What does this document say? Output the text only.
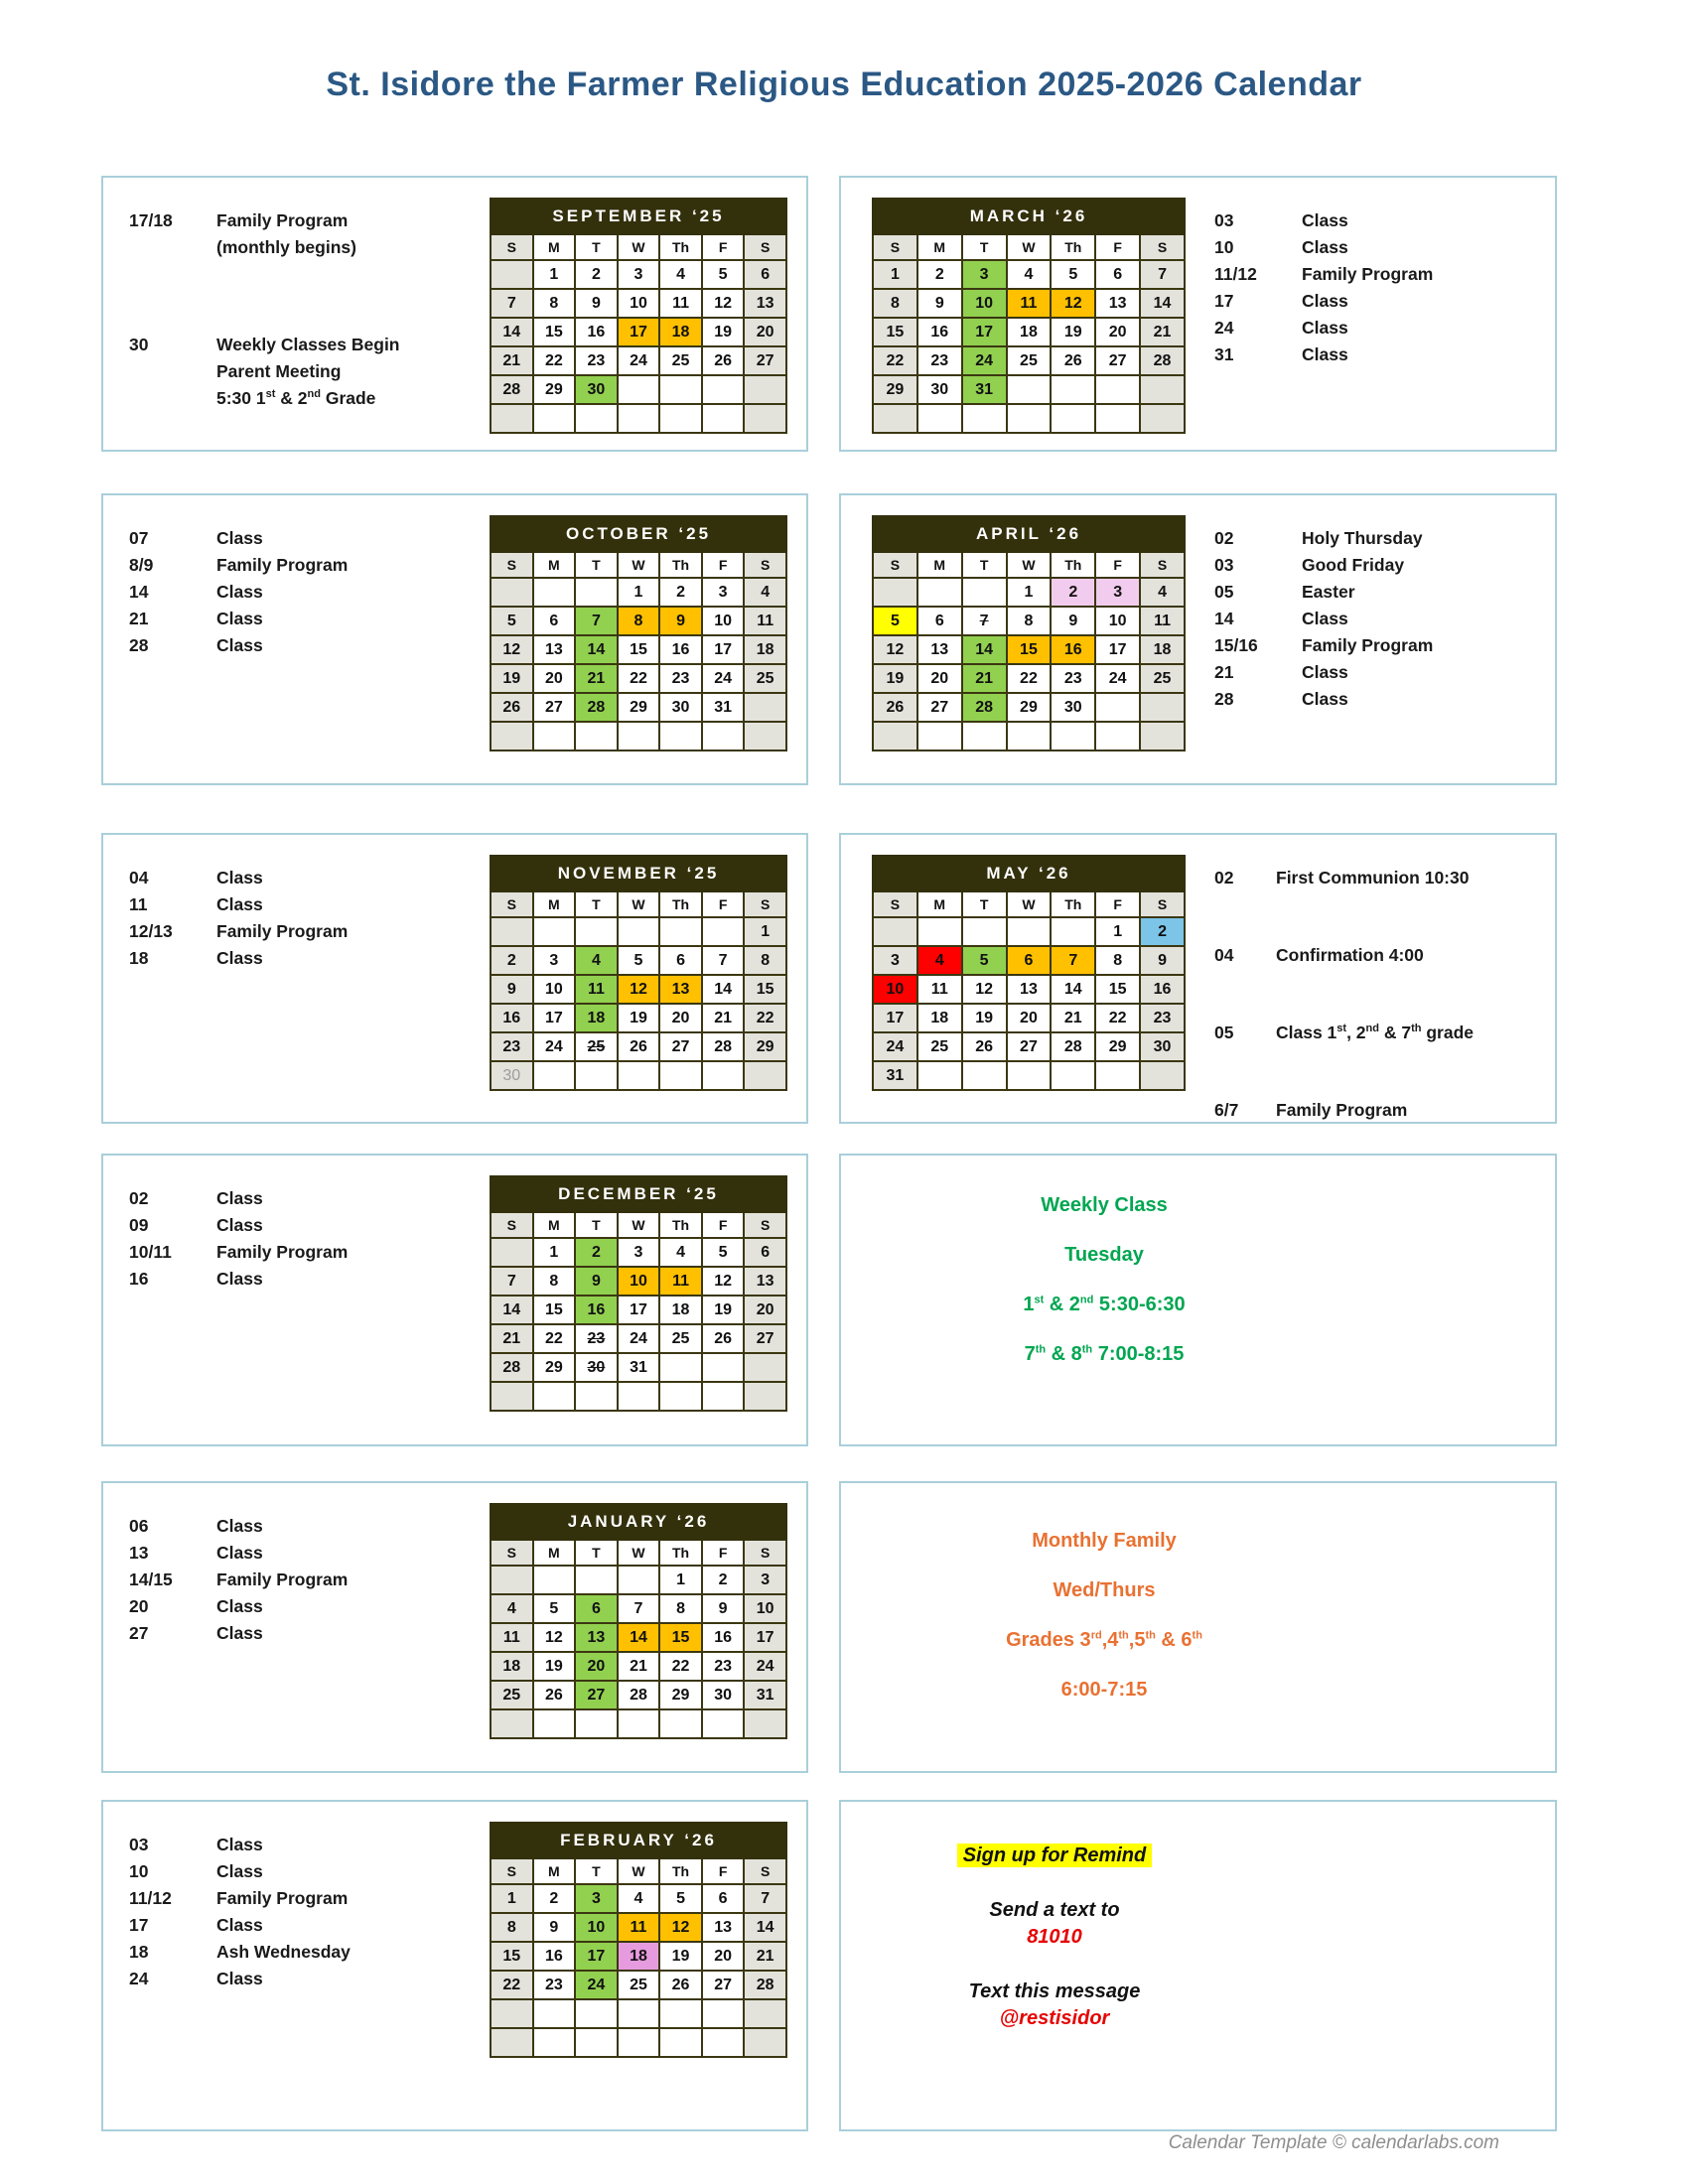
St. Isidore the Farmer Religious Education 2025-2026 Calendar
Calendar Template © calendarlabs.com
SEPTEMBER ‘25						
S	M	T	W	Th	F	S
	1	2	3	4	5	6
7	8	9	10	11	12	13
14	15	16	17	18	19	20
21	22	23	24	25	26	27
28	29	30				

17/18	Family Program
(monthly begins)
30	Weekly Classes Begin
Parent Meeting
5:30 1st & 2nd Grade
MARCH ‘26						
S	M	T	W	Th	F	S
1	2	3	4	5	6	7
8	9	10	11	12	13	14
15	16	17	18	19	20	21
22	23	24	25	26	27	28
29	30	31				

03	Class
10	Class
11/12	Family Program
17	Class
24	Class
31	Class
OCTOBER ‘25						
S	M	T	W	Th	F	S
			1	2	3	4
5	6	7	8	9	10	11
12	13	14	15	16	17	18
19	20	21	22	23	24	25
26	27	28	29	30	31	

07	Class
8/9	Family Program
14	Class
21	Class
28	Class
APRIL ‘26						
S	M	T	W	Th	F	S
			1	2	3	4
5	6	7	8	9	10	11
12	13	14	15	16	17	18
19	20	21	22	23	24	25
26	27	28	29	30		

02	Holy Thursday
03	Good Friday
05	Easter
14	Class
15/16	Family Program
21	Class
28	Class
NOVEMBER ‘25						
S	M	T	W	Th	F	S
						1
2	3	4	5	6	7	8
9	10	11	12	13	14	15
16	17	18	19	20	21	22
23	24	25	26	27	28	29
30						
04	Class
11	Class
12/13	Family Program
18	Class
MAY ‘26						
S	M	T	W	Th	F	S
					1	2
3	4	5	6	7	8	9
10	11	12	13	14	15	16
17	18	19	20	21	22	23
24	25	26	27	28	29	30
31						
02	First Communion 10:30
04	Confirmation 4:00
05	Class 1st, 2nd & 7th grade
6/7	Family Program
DECEMBER ‘25						
S	M	T	W	Th	F	S
	1	2	3	4	5	6
7	8	9	10	11	12	13
14	15	16	17	18	19	20
21	22	23	24	25	26	27
28	29	30	31			

02	Class
09	Class
10/11	Family Program
16	Class
Weekly Class
Tuesday
1st & 2nd 5:30-6:30
7th & 8th 7:00-8:15
JANUARY ‘26						
S	M	T	W	Th	F	S
				1	2	3
4	5	6	7	8	9	10
11	12	13	14	15	16	17
18	19	20	21	22	23	24
25	26	27	28	29	30	31

06	Class
13	Class
14/15	Family Program
20	Class
27	Class
Monthly Family
Wed/Thurs
Grades 3rd,4th,5th & 6th
6:00-7:15
FEBRUARY ‘26						
S	M	T	W	Th	F	S
1	2	3	4	5	6	7
8	9	10	11	12	13	14
15	16	17	18	19	20	21
22	23	24	25	26	27	28

03	Class
10	Class
11/12	Family Program
17	Class
18	Ash Wednesday
24	Class
Sign up for Remind
Send a text to
81010
Text this message
@restisidor
